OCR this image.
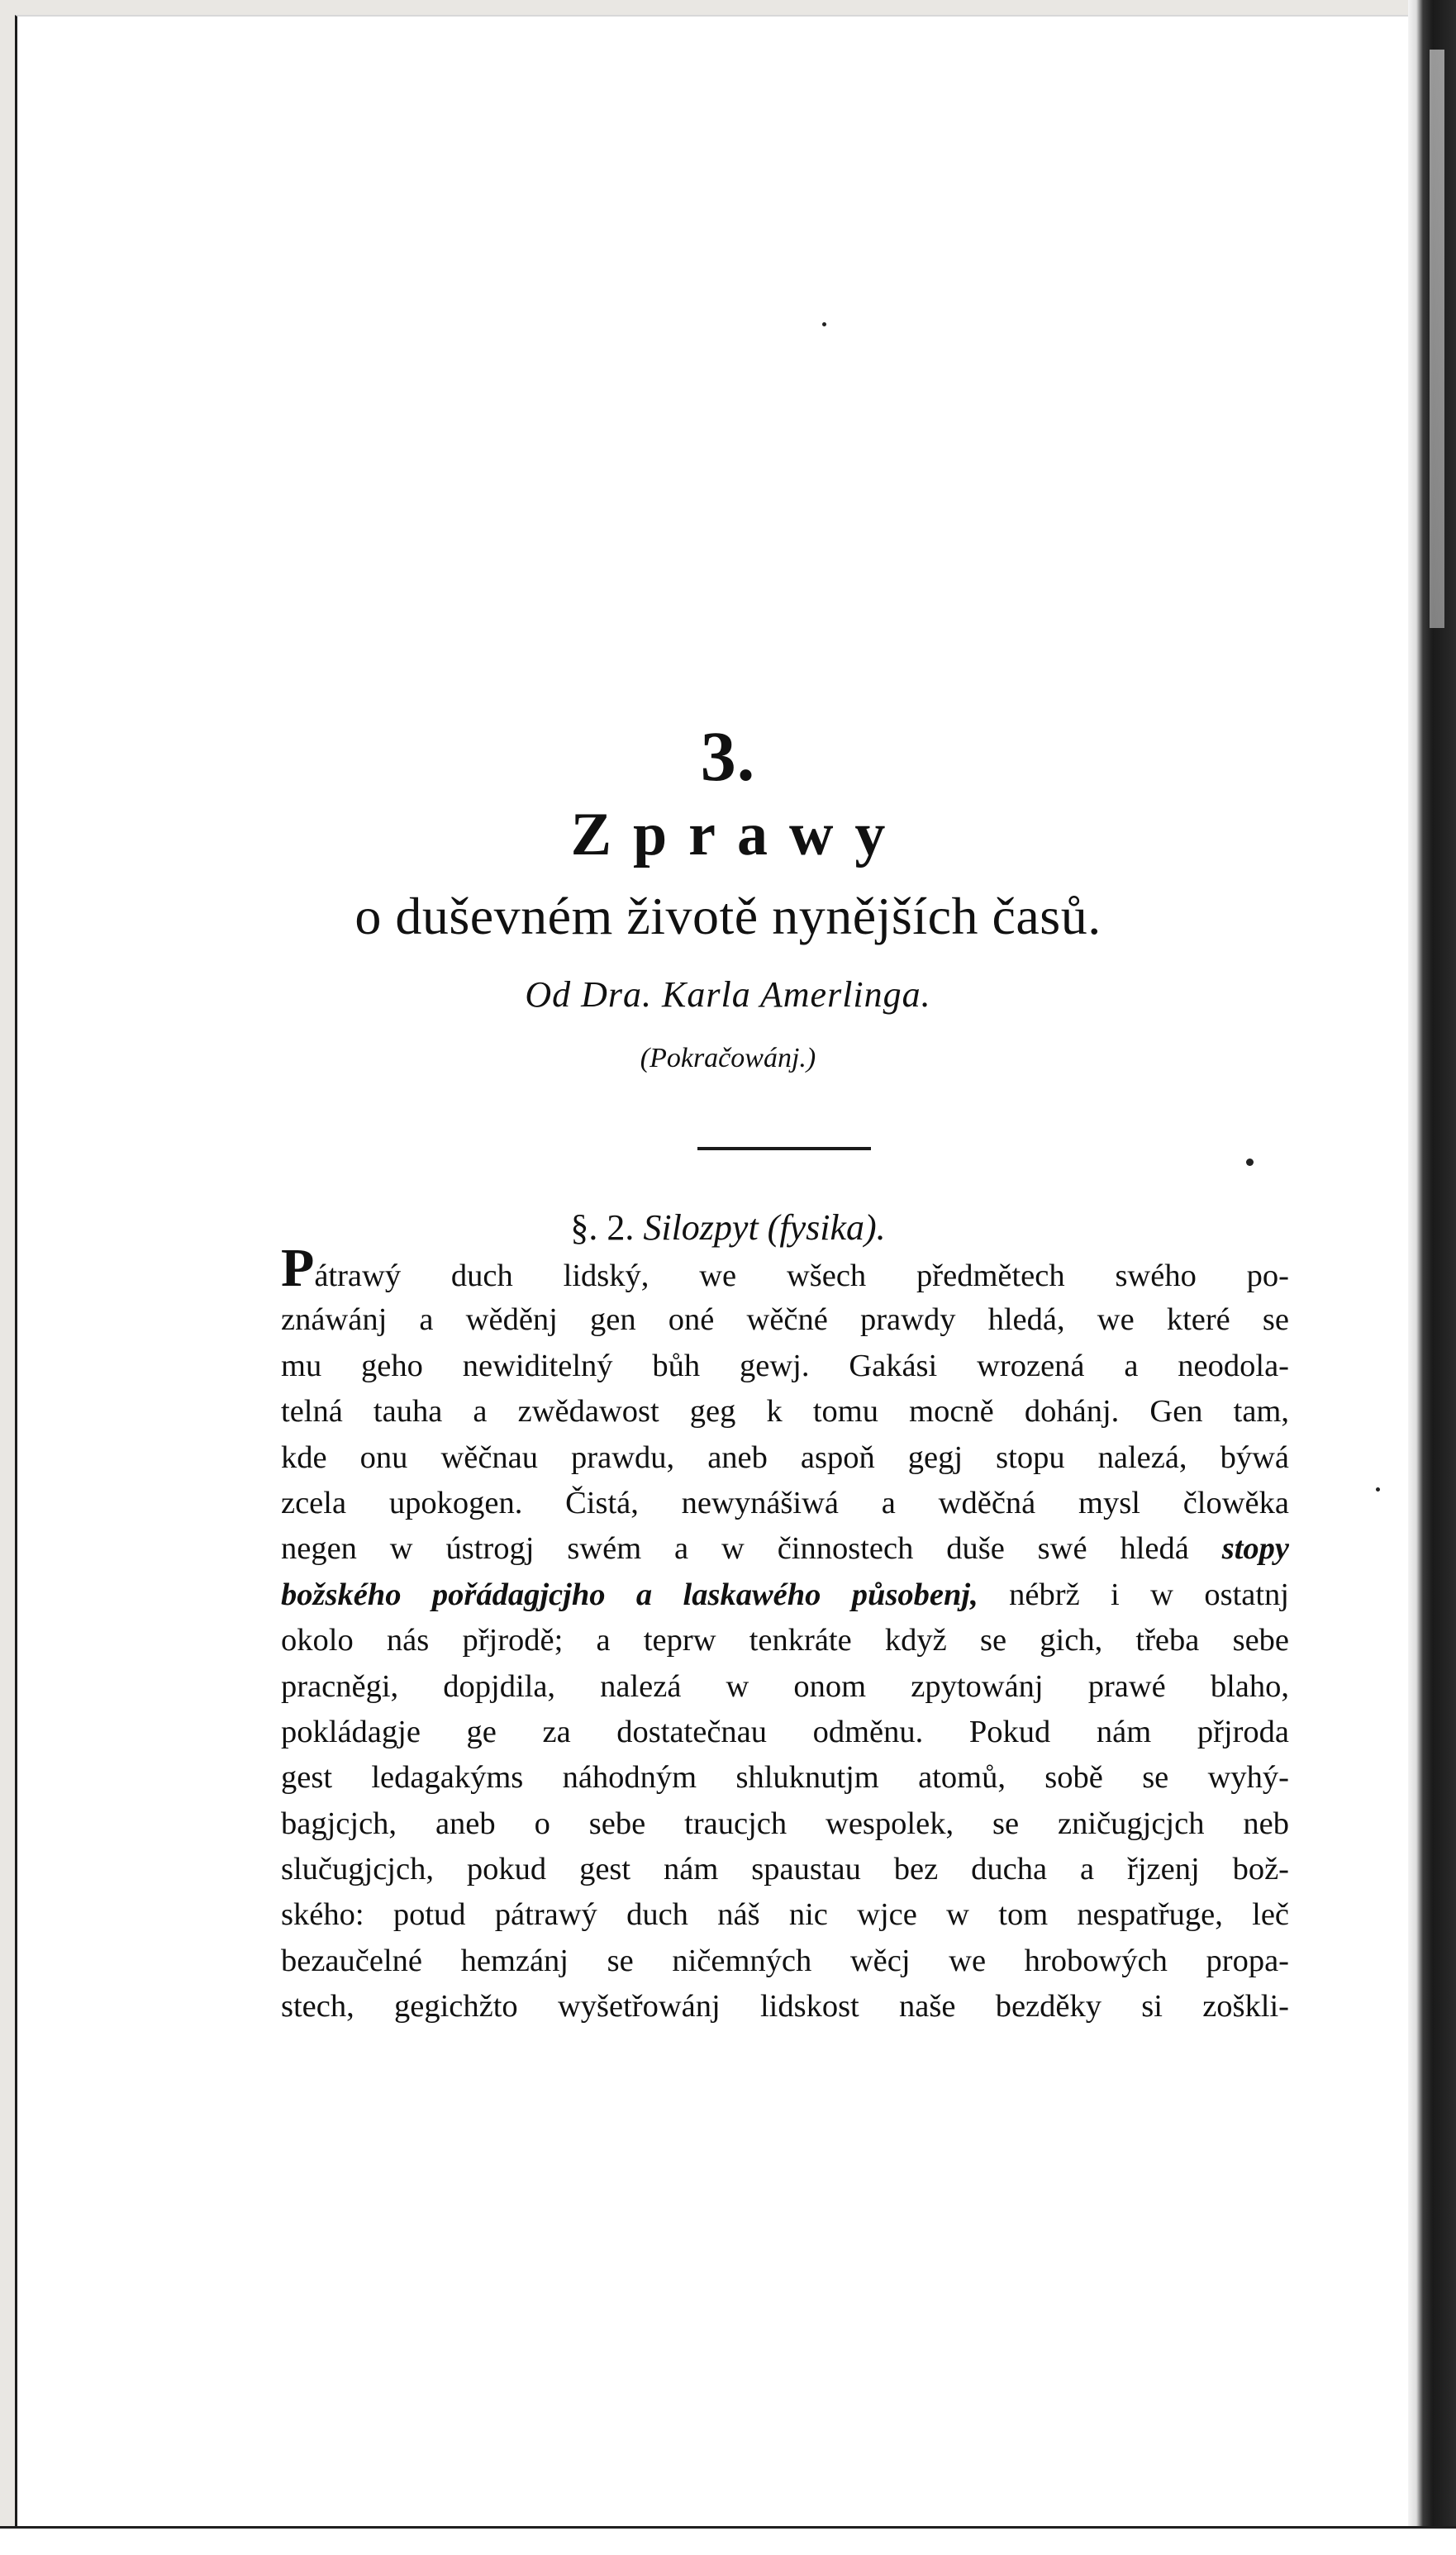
3.
Zprawy
o duševném životě nynějších časů.
Od Dra. Karla Amerlinga.
(Pokračowánj.)
§. 2. Silozpyt (fysika).
Pátrawý duch lidský, we wšech předmětech swého po-
znáwánj a wěděnj gen oné wěčné prawdy hledá, we které se
mu geho newiditelný bůh gewj. Gakási wrozená a neodola-
telná tauha a zwědawost geg k tomu mocně dohánj. Gen tam,
kde onu wěčnau prawdu, aneb aspoň gegj stopu nalezá, býwá
zcela upokogen. Čistá, newynášiwá a wděčná mysl člowěka
negen w ústrogj swém a w činnostech duše swé hledá stopy
božského pořádagjcjho a laskawého působenj, nébrž i w ostatnj
okolo nás přjrodě; a teprw tenkráte když se gich, třeba sebe
pracněgi, dopjdila, nalezá w onom zpytowánj prawé blaho,
pokládagje ge za dostatečnau odměnu. Pokud nám přjroda
gest ledagakýms náhodným shluknutjm atomů, sobě se wyhý-
bagjcjch, aneb o sebe traucjch wespolek, se zničugjcjch neb
slučugjcjch, pokud gest nám spaustau bez ducha a řjzenj bož-
ského: potud pátrawý duch náš nic wjce w tom nespatřuge, leč
bezaučelné hemzánj se ničemných wěcj we hrobowých propa-
stech, gegichžto wyšetřowánj lidskost naše bezděky si zoškli-
